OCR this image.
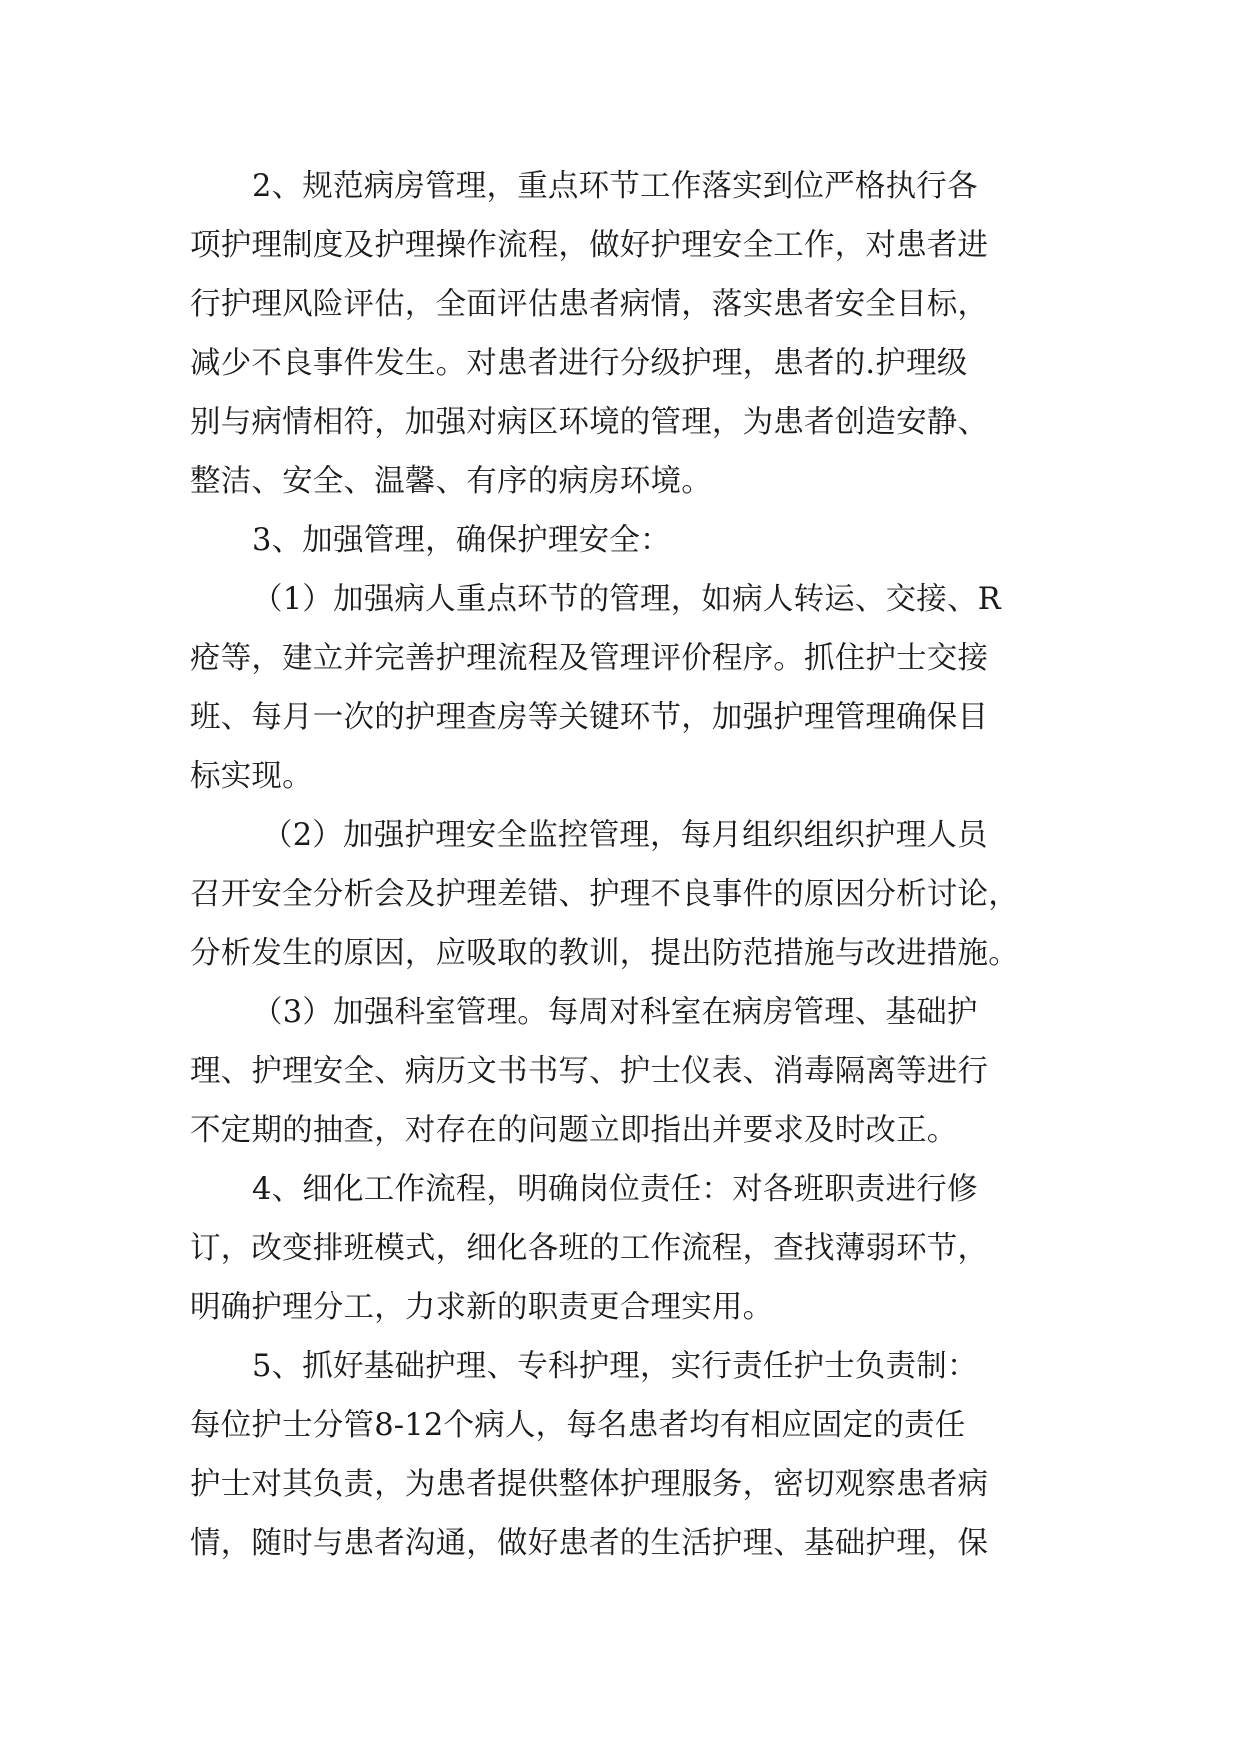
2、规范病房管理，重点环节工作落实到位严格执行各
项护理制度及护理操作流程，做好护理安全工作，对患者进
行护理风险评估，全面评估患者病情，落实患者安全目标，
减少不良事件发生。对患者进行分级护理，患者的.护理级
别与病情相符，加强对病区环境的管理，为患者创造安静、
整洁、安全、温馨、有序的病房环境。
3、加强管理，确保护理安全：
（1）加强病人重点环节的管理，如病人转运、交接、R
疮等，建立并完善护理流程及管理评价程序。抓住护士交接
班、每月一次的护理查房等关键环节，加强护理管理确保目
标实现。
（2）加强护理安全监控管理，每月组织组织护理人员
召开安全分析会及护理差错、护理不良事件的原因分析讨论，
分析发生的原因，应吸取的教训，提出防范措施与改进措施。
（3）加强科室管理。每周对科室在病房管理、基础护
理、护理安全、病历文书书写、护士仪表、消毒隔离等进行
不定期的抽查，对存在的问题立即指出并要求及时改正。
4、细化工作流程，明确岗位责任：对各班职责进行修
订，改变排班模式，细化各班的工作流程，查找薄弱环节，
明确护理分工，力求新的职责更合理实用。
5、抓好基础护理、专科护理，实行责任护士负责制：
每位护士分管8-12个病人，每名患者均有相应固定的责任
护士对其负责，为患者提供整体护理服务，密切观察患者病
情，随时与患者沟通，做好患者的生活护理、基础护理，保
